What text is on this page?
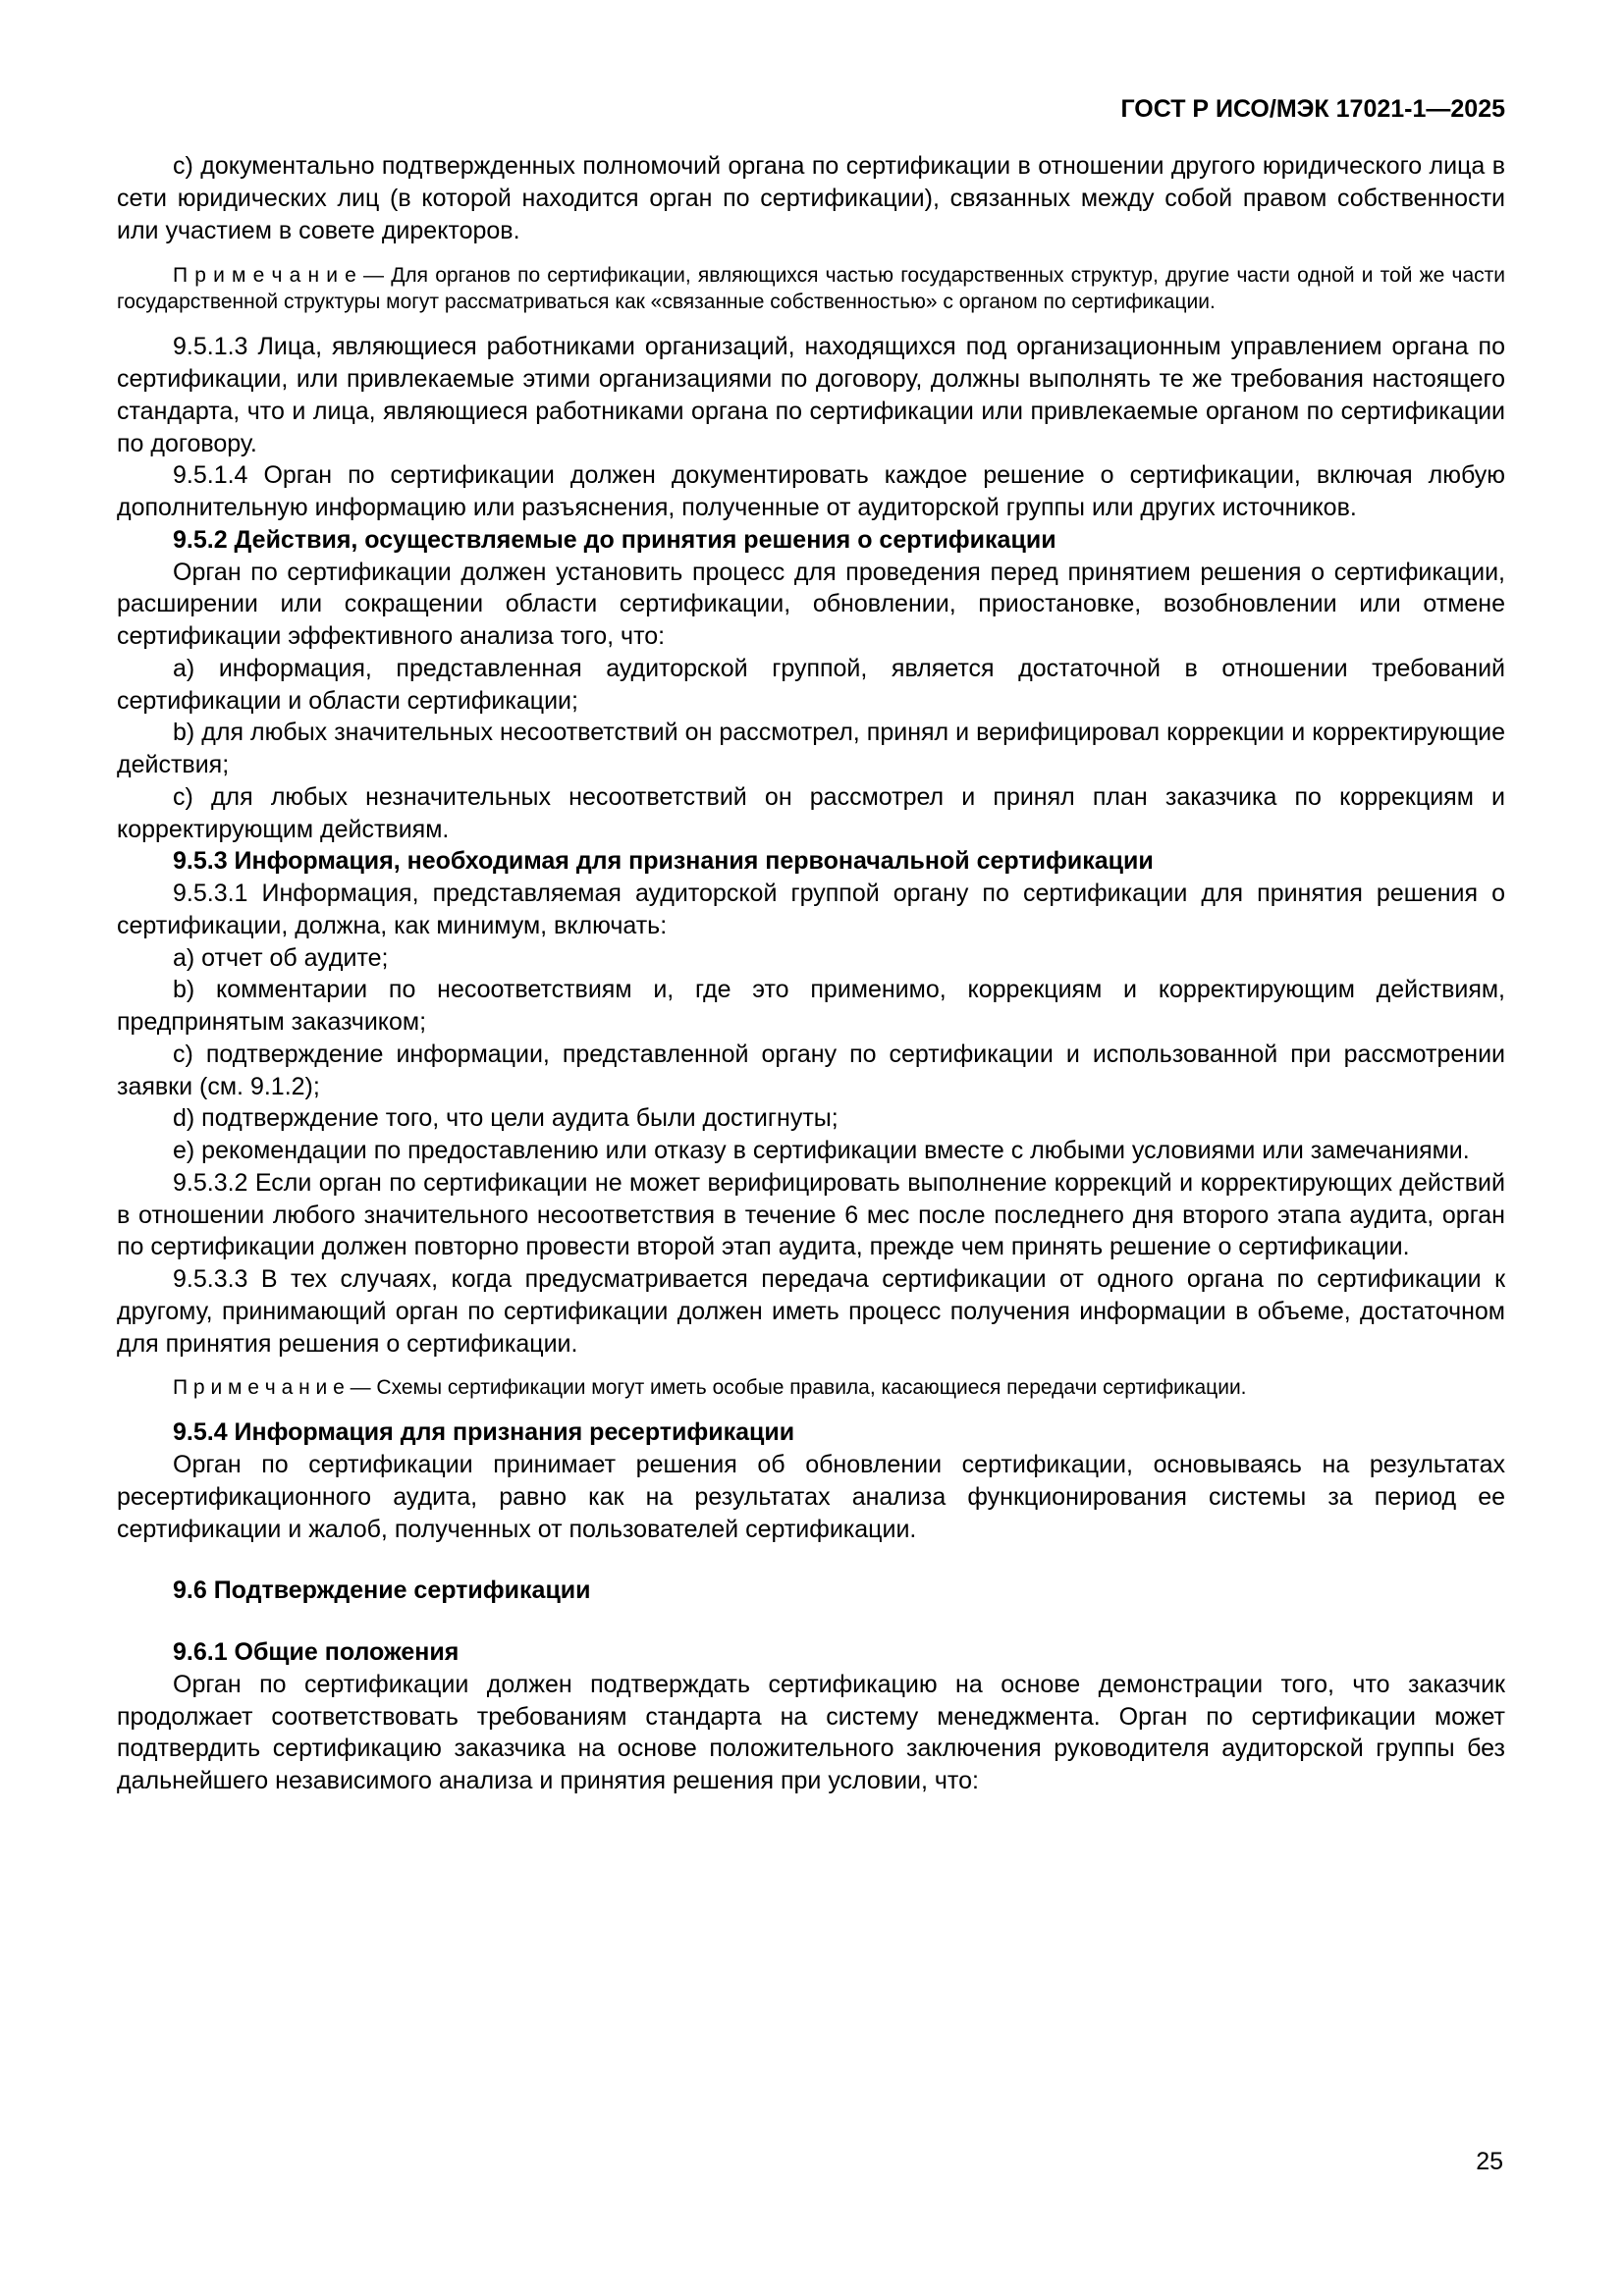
ГОСТ Р ИСО/МЭК 17021-1—2025

с) документально подтвержденных полномочий органа по сертификации в отношении другого юридического лица в сети юридических лиц (в которой находится орган по сертификации), связанных между собой правом собственности или участием в совете директоров.

П р и м е ч а н и е — Для органов по сертификации, являющихся частью государственных структур, другие части одной и той же части государственной структуры могут рассматриваться как «связанные собственностью» с органом по сертификации.

9.5.1.3 Лица, являющиеся работниками организаций, находящихся под организационным управлением органа по сертификации, или привлекаемые этими организациями по договору, должны выполнять те же требования настоящего стандарта, что и лица, являющиеся работниками органа по сертификации или привлекаемые органом по сертификации по договору.

9.5.1.4 Орган по сертификации должен документировать каждое решение о сертификации, включая любую дополнительную информацию или разъяснения, полученные от аудиторской группы или других источников.

9.5.2 Действия, осуществляемые до принятия решения о сертификации

Орган по сертификации должен установить процесс для проведения перед принятием решения о сертификации, расширении или сокращении области сертификации, обновлении, приостановке, возобновлении или отмене сертификации эффективного анализа того, что:

а) информация, представленная аудиторской группой, является достаточной в отношении требований сертификации и области сертификации;

b) для любых значительных несоответствий он рассмотрел, принял и верифицировал коррекции и корректирующие действия;

с) для любых незначительных несоответствий он рассмотрел и принял план заказчика по коррекциям и корректирующим действиям.

9.5.3 Информация, необходимая для признания первоначальной сертификации

9.5.3.1 Информация, представляемая аудиторской группой органу по сертификации для принятия решения о сертификации, должна, как минимум, включать:

а) отчет об аудите;

b) комментарии по несоответствиям и, где это применимо, коррекциям и корректирующим действиям, предпринятым заказчиком;

с) подтверждение информации, представленной органу по сертификации и использованной при рассмотрении заявки (см. 9.1.2);

d) подтверждение того, что цели аудита были достигнуты;

е) рекомендации по предоставлению или отказу в сертификации вместе с любыми условиями или замечаниями.

9.5.3.2 Если орган по сертификации не может верифицировать выполнение коррекций и корректирующих действий в отношении любого значительного несоответствия в течение 6 мес после последнего дня второго этапа аудита, орган по сертификации должен повторно провести второй этап аудита, прежде чем принять решение о сертификации.

9.5.3.3 В тех случаях, когда предусматривается передача сертификации от одного органа по сертификации к другому, принимающий орган по сертификации должен иметь процесс получения информации в объеме, достаточном для принятия решения о сертификации.

П р и м е ч а н и е — Схемы сертификации могут иметь особые правила, касающиеся передачи сертификации.

9.5.4 Информация для признания ресертификации

Орган по сертификации принимает решения об обновлении сертификации, основываясь на результатах ресертификационного аудита, равно как на результатах анализа функционирования системы за период ее сертификации и жалоб, полученных от пользователей сертификации.

9.6 Подтверждение сертификации

9.6.1 Общие положения

Орган по сертификации должен подтверждать сертификацию на основе демонстрации того, что заказчик продолжает соответствовать требованиям стандарта на систему менеджмента. Орган по сертификации может подтвердить сертификацию заказчика на основе положительного заключения руководителя аудиторской группы без дальнейшего независимого анализа и принятия решения при условии, что:

25
